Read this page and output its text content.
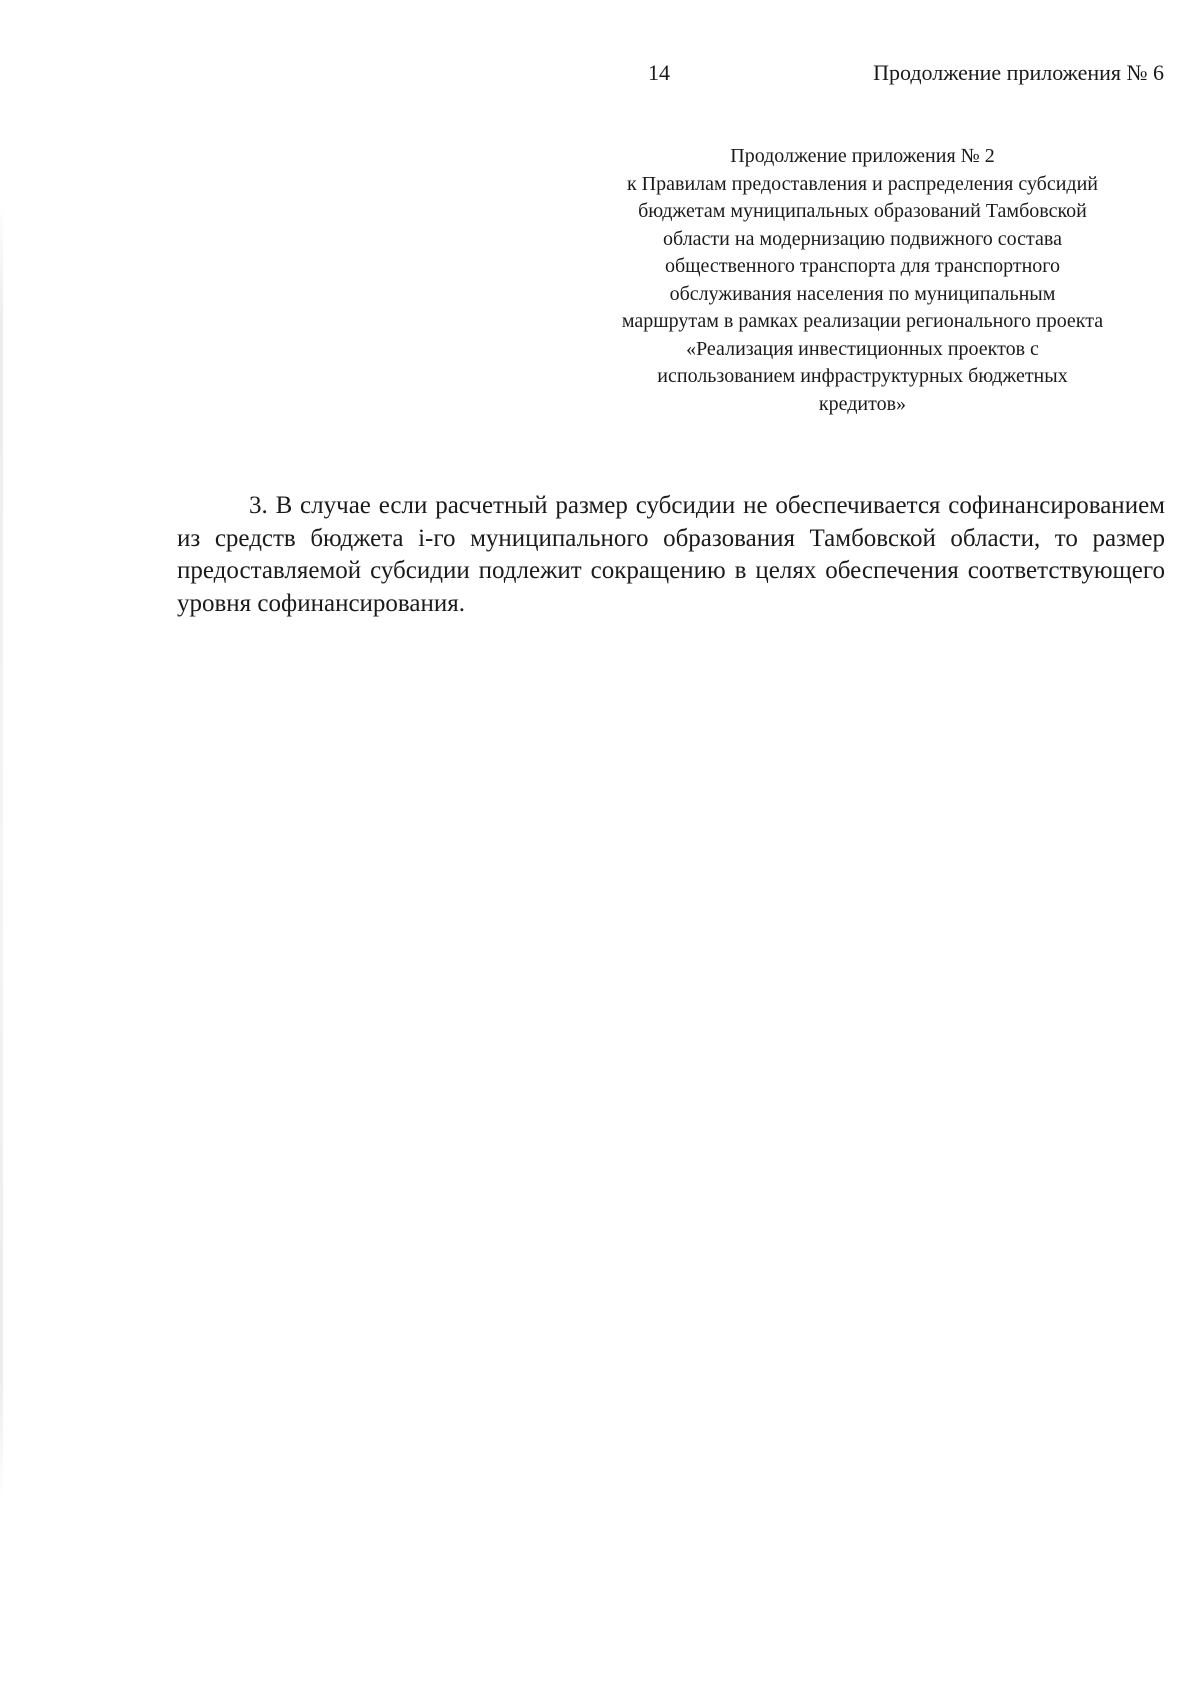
14	Продолжение приложения № 6
Продолжение приложения № 2
к Правилам предоставления и распределения субсидий
бюджетам муниципальных образований Тамбовской
области на модернизацию подвижного состава
общественного транспорта для транспортного
обслуживания населения по муниципальным
маршрутам в рамках реализации регионального проекта
«Реализация инвестиционных проектов с
использованием инфраструктурных бюджетных
кредитов»

3. В случае если расчетный размер субсидии не обеспечивается софинансированием из средств бюджета i-го муниципального образования Тамбовской области, то размер предоставляемой субсидии подлежит сокращению в целях обеспечения соответствующего уровня софинансирования.
